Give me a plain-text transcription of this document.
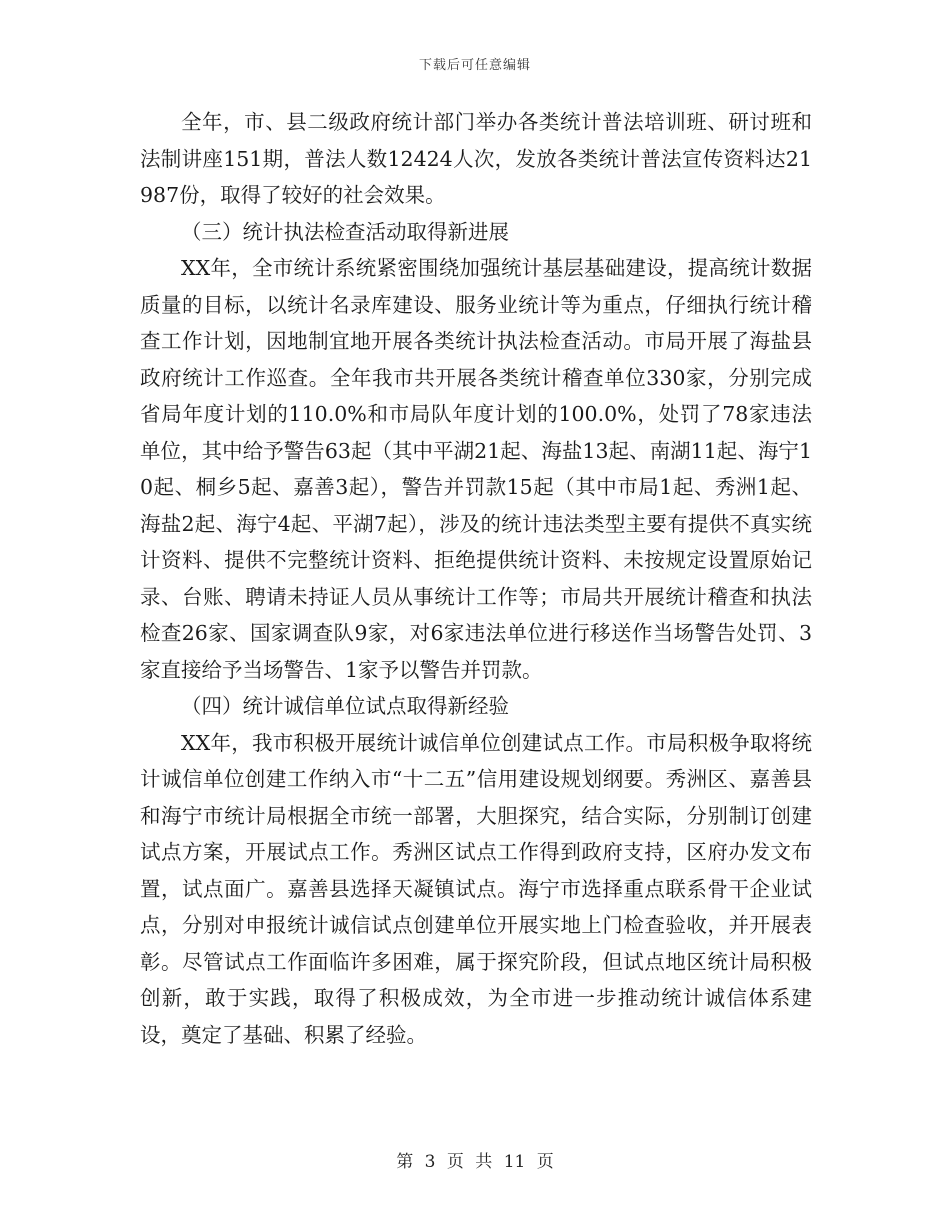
下载后可任意编辑

全年，市、县二级政府统计部门举办各类统计普法培训班、研讨班和法制讲座151期，普法人数12424人次，发放各类统计普法宣传资料达21987份，取得了较好的社会效果。

（三）统计执法检查活动取得新进展

XX年，全市统计系统紧密围绕加强统计基层基础建设，提高统计数据质量的目标，以统计名录库建设、服务业统计等为重点，仔细执行统计稽查工作计划，因地制宜地开展各类统计执法检查活动。市局开展了海盐县政府统计工作巡查。全年我市共开展各类统计稽查单位330家，分别完成省局年度计划的110.0%和市局队年度计划的100.0%，处罚了78家违法单位，其中给予警告63起（其中平湖21起、海盐13起、南湖11起、海宁10起、桐乡5起、嘉善3起），警告并罚款15起（其中市局1起、秀洲1起、海盐2起、海宁4起、平湖7起），涉及的统计违法类型主要有提供不真实统计资料、提供不完整统计资料、拒绝提供统计资料、未按规定设置原始记录、台账、聘请未持证人员从事统计工作等；市局共开展统计稽查和执法检查26家、国家调查队9家，对6家违法单位进行移送作当场警告处罚、3家直接给予当场警告、1家予以警告并罚款。

（四）统计诚信单位试点取得新经验

XX年，我市积极开展统计诚信单位创建试点工作。市局积极争取将统计诚信单位创建工作纳入市“十二五”信用建设规划纲要。秀洲区、嘉善县和海宁市统计局根据全市统一部署，大胆探究，结合实际，分别制订创建试点方案，开展试点工作。秀洲区试点工作得到政府支持，区府办发文布置，试点面广。嘉善县选择天凝镇试点。海宁市选择重点联系骨干企业试点，分别对申报统计诚信试点创建单位开展实地上门检查验收，并开展表彰。尽管试点工作面临许多困难，属于探究阶段，但试点地区统计局积极创新，敢于实践，取得了积极成效，为全市进一步推动统计诚信体系建设，奠定了基础、积累了经验。

第 3 页 共 11 页
